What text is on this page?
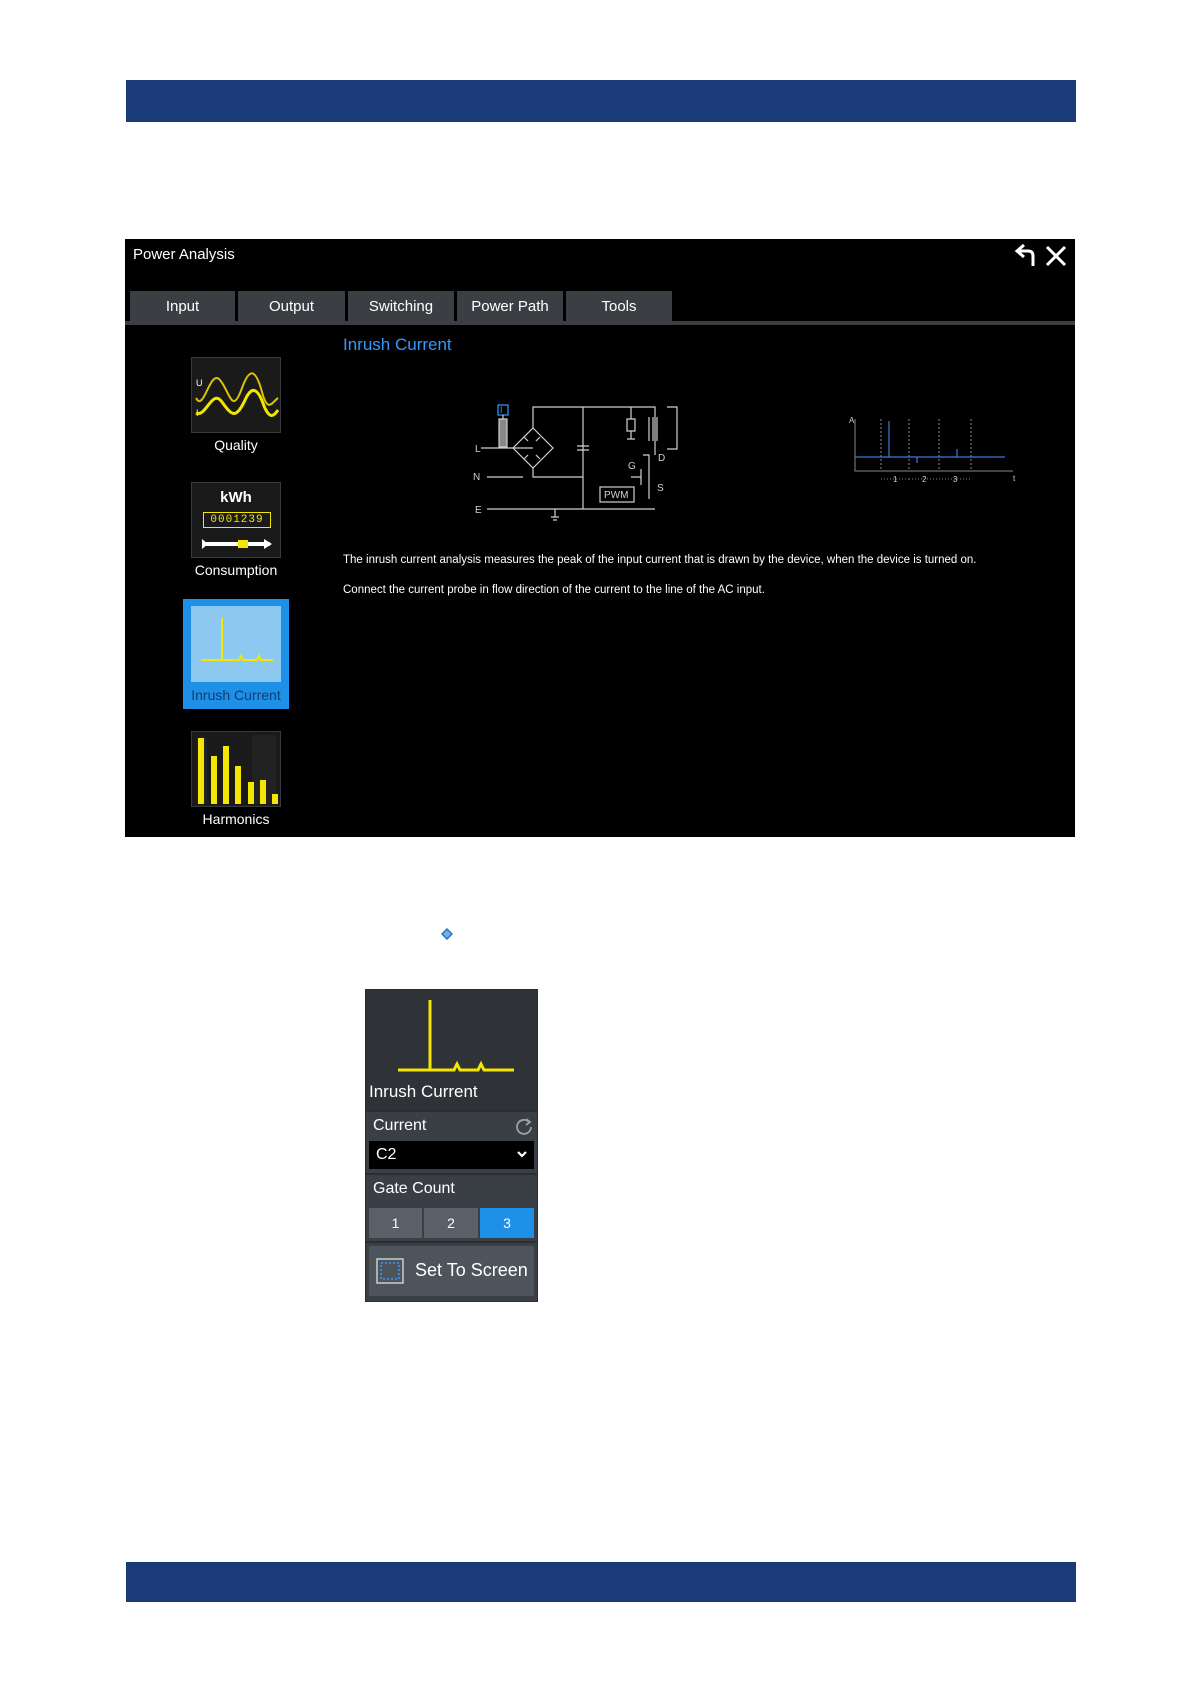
Power Analysis
Input	Output	Switching	Power Path	Tools
U
I
Quality
kWh
0001239
Consumption
Inrush Current
Harmonics
Inrush Current
I
L
N
E
G
D
S
PWM
A
t
1	2	3
The inrush current analysis measures the peak of the input current that is drawn by the device, when the device is turned on.
Connect the current probe in flow direction of the current to the line of the AC input.
Inrush Current
Current
C2
Gate Count
1	2	3
Set To Screen
